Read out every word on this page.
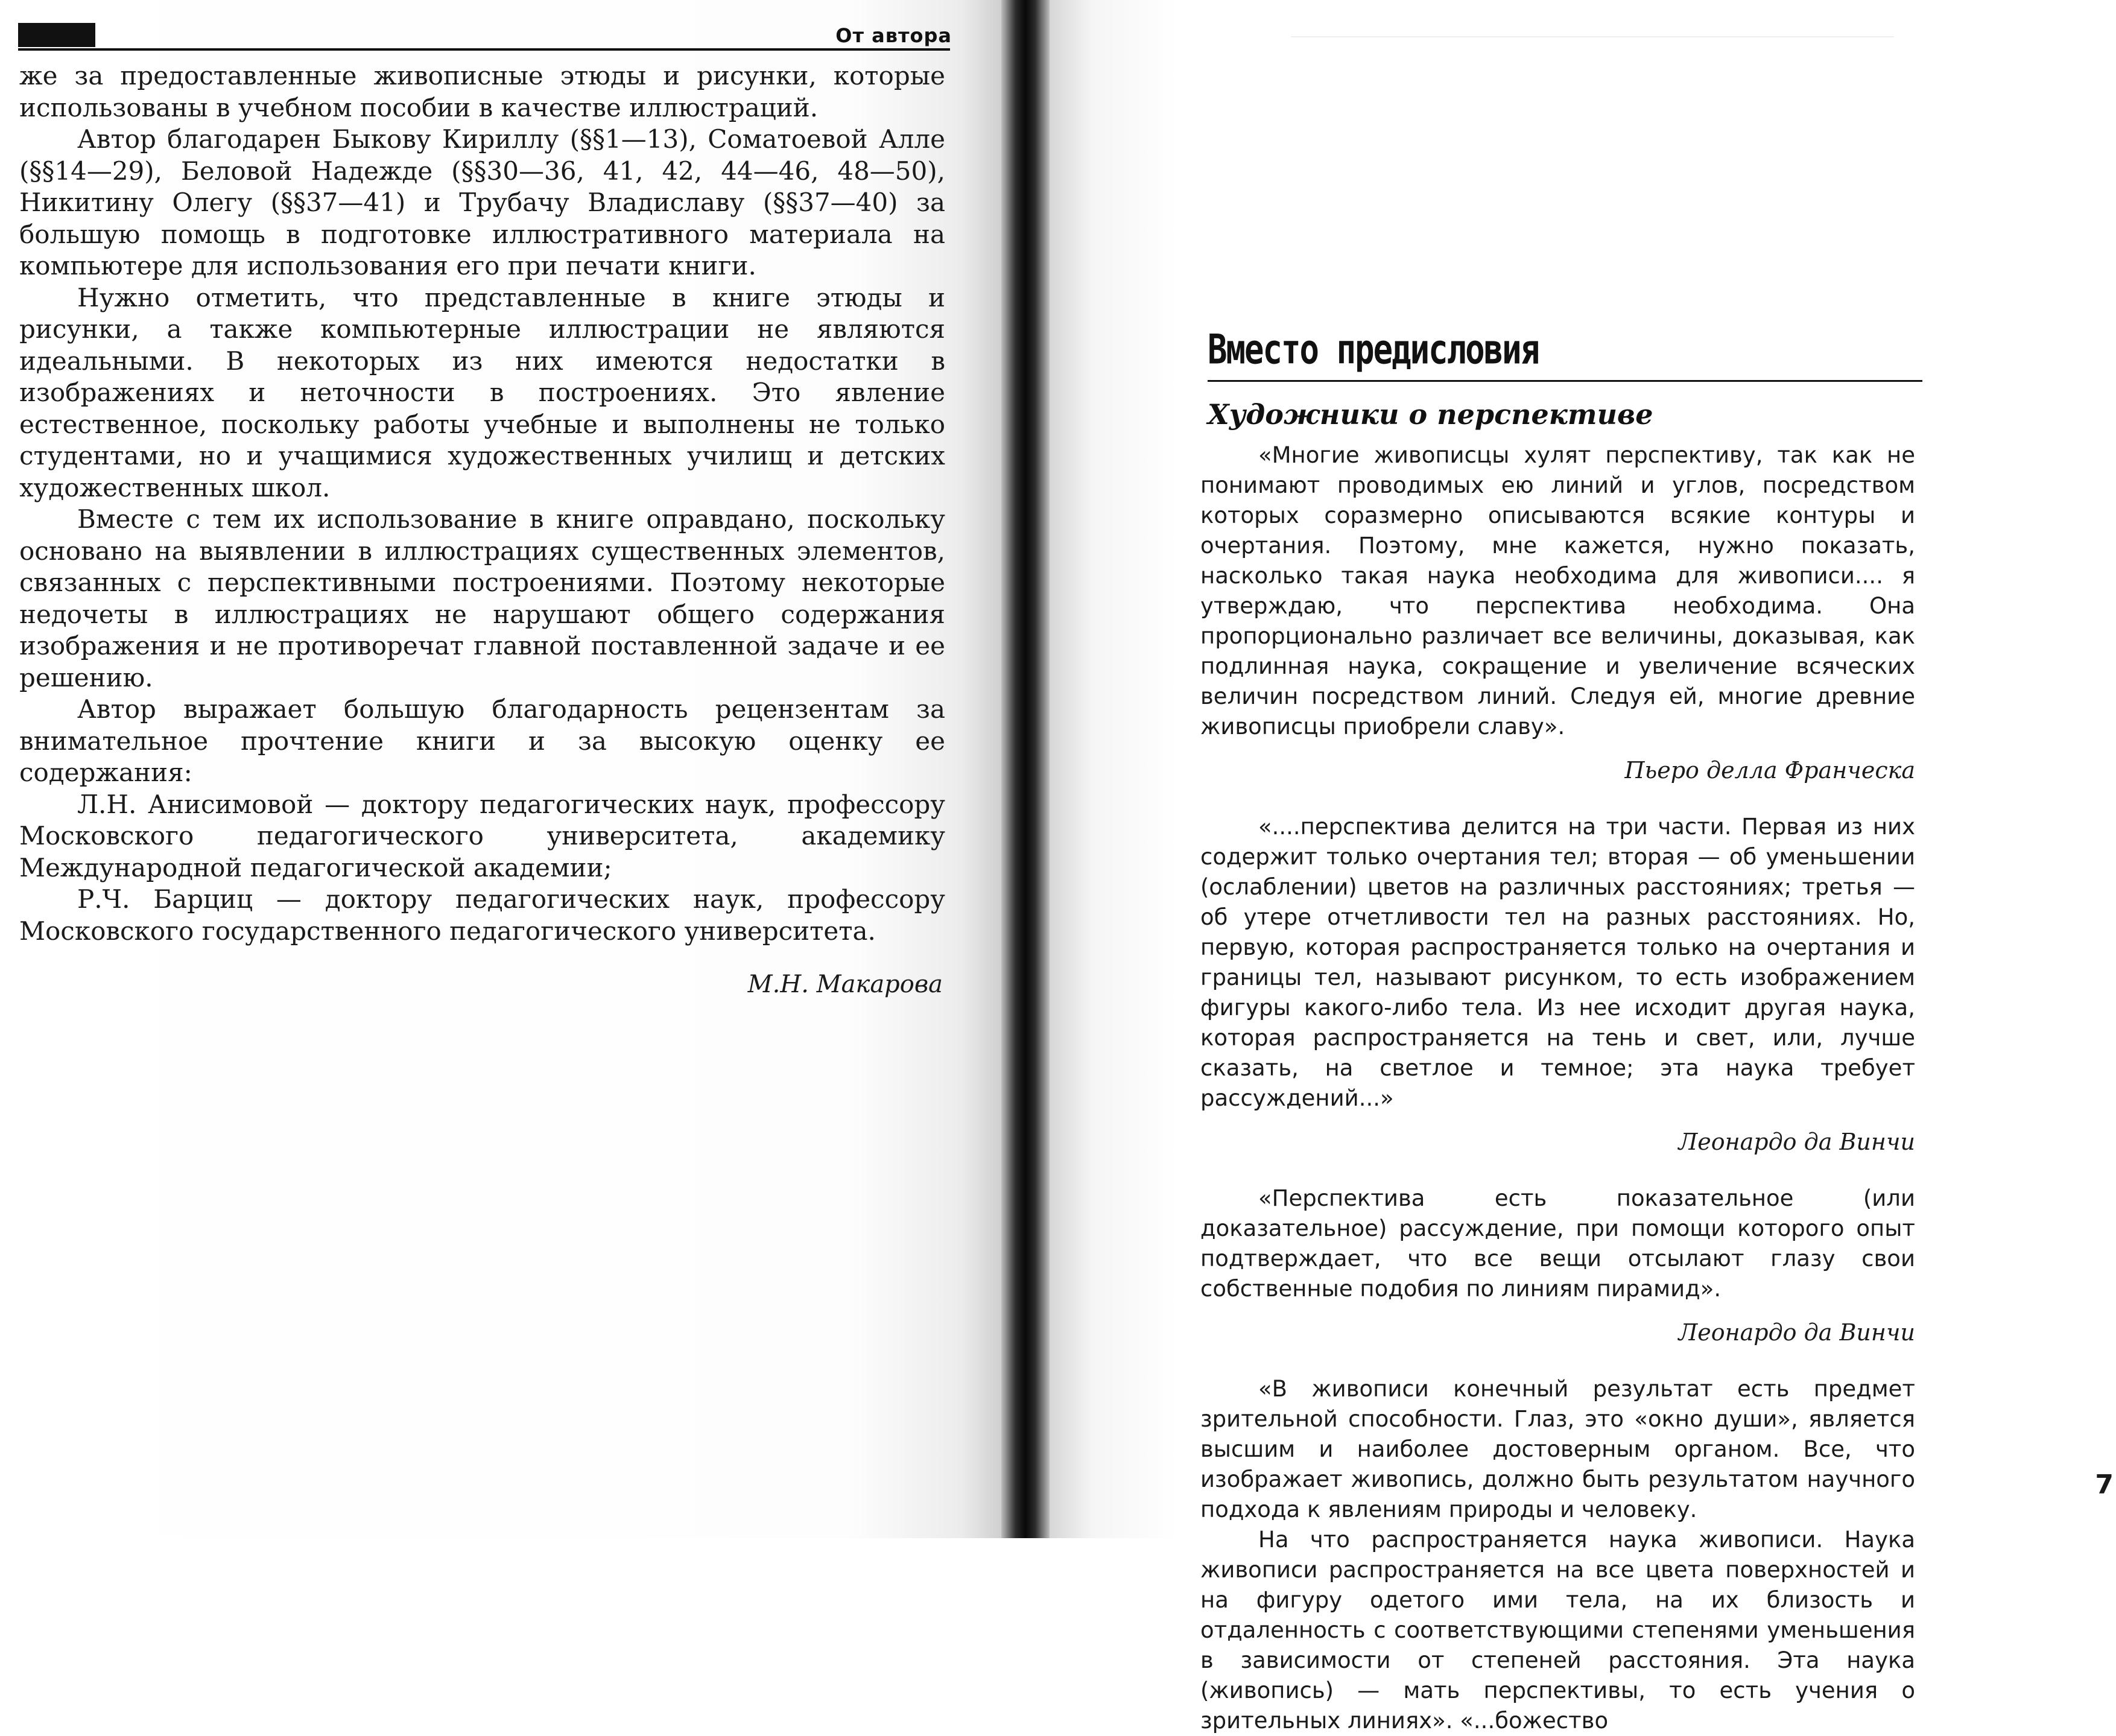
От автора

же за предоставленные живописные этюды и рисунки, которые использованы в учебном пособии в качестве иллюстраций.

Автор благодарен Быкову Кириллу (§§1—13), Соматоевой Алле (§§14—29), Беловой Надежде (§§30—36, 41, 42, 44—46, 48—50), Никитину Олегу (§§37—41) и Трубачу Владиславу (§§37—40) за большую помощь в подготовке иллюстративного материала на компьютере для использования его при печати книги.

Нужно отметить, что представленные в книге этюды и рисунки, а также компьютерные иллюстрации не являются идеальными. В некоторых из них имеются недостатки в изображениях и неточности в построениях. Это явление естественное, поскольку работы учебные и выполнены не только студентами, но и учащимися художественных училищ и детских художественных школ.

Вместе с тем их использование в книге оправдано, поскольку основано на выявлении в иллюстрациях существенных элементов, связанных с перспективными построениями. Поэтому некоторые недочеты в иллюстрациях не нарушают общего содержания изображения и не противоречат главной поставленной задаче и ее решению.

Автор выражает большую благодарность рецензентам за внимательное прочтение книги и за высокую оценку ее содержания:

Л.Н. Анисимовой — доктору педагогических наук, профессору Московского педагогического университета, академику Международной педагогической академии;

Р.Ч. Барциц — доктору педагогических наук, профессору Московского государственного педагогического университета.

М.Н. Макарова

Вместо предисловия
Художники о перспективе

«Многие живописцы хулят перспективу, так как не понимают проводимых ею линий и углов, посредством которых соразмерно описываются всякие контуры и очертания. Поэтому, мне кажется, нужно показать, насколько такая наука необходима для живописи.... я утверждаю, что перспектива необходима. Она пропорционально различает все величины, доказывая, как подлинная наука, сокращение и увеличение всяческих величин посредством линий. Следуя ей, многие древние живописцы приобрели славу».

Пьеро делла Франческа

«....перспектива делится на три части. Первая из них содержит только очертания тел; вторая — об уменьшении (ослаблении) цветов на различных расстояниях; третья — об утере отчетливости тел на разных расстояниях. Но, первую, которая распространяется только на очертания и границы тел, называют рисунком, то есть изображением фигуры какого-либо тела. Из нее исходит другая наука, которая распространяется на тень и свет, или, лучше сказать, на светлое и темное; эта наука требует рассуждений...»

Леонардо да Винчи

«Перспектива есть показательное (или доказательное) рассуждение, при помощи которого опыт подтверждает, что все вещи отсылают глазу свои собственные подобия по линиям пирамид».

Леонардо да Винчи

«В живописи конечный результат есть предмет зрительной способности. Глаз, это «окно души», является высшим и наиболее достоверным органом. Все, что изображает живопись, должно быть результатом научного подхода к явлениям природы и человеку.

На что распространяется наука живописи. Наука живописи распространяется на все цвета поверхностей и на фигуру одетого ими тела, на их близость и отдаленность с соответствующими степенями уменьшения в зависимости от степеней расстояния. Эта наука (живопись) — мать перспективы, то есть учения о зрительных линиях». «...божество

7
